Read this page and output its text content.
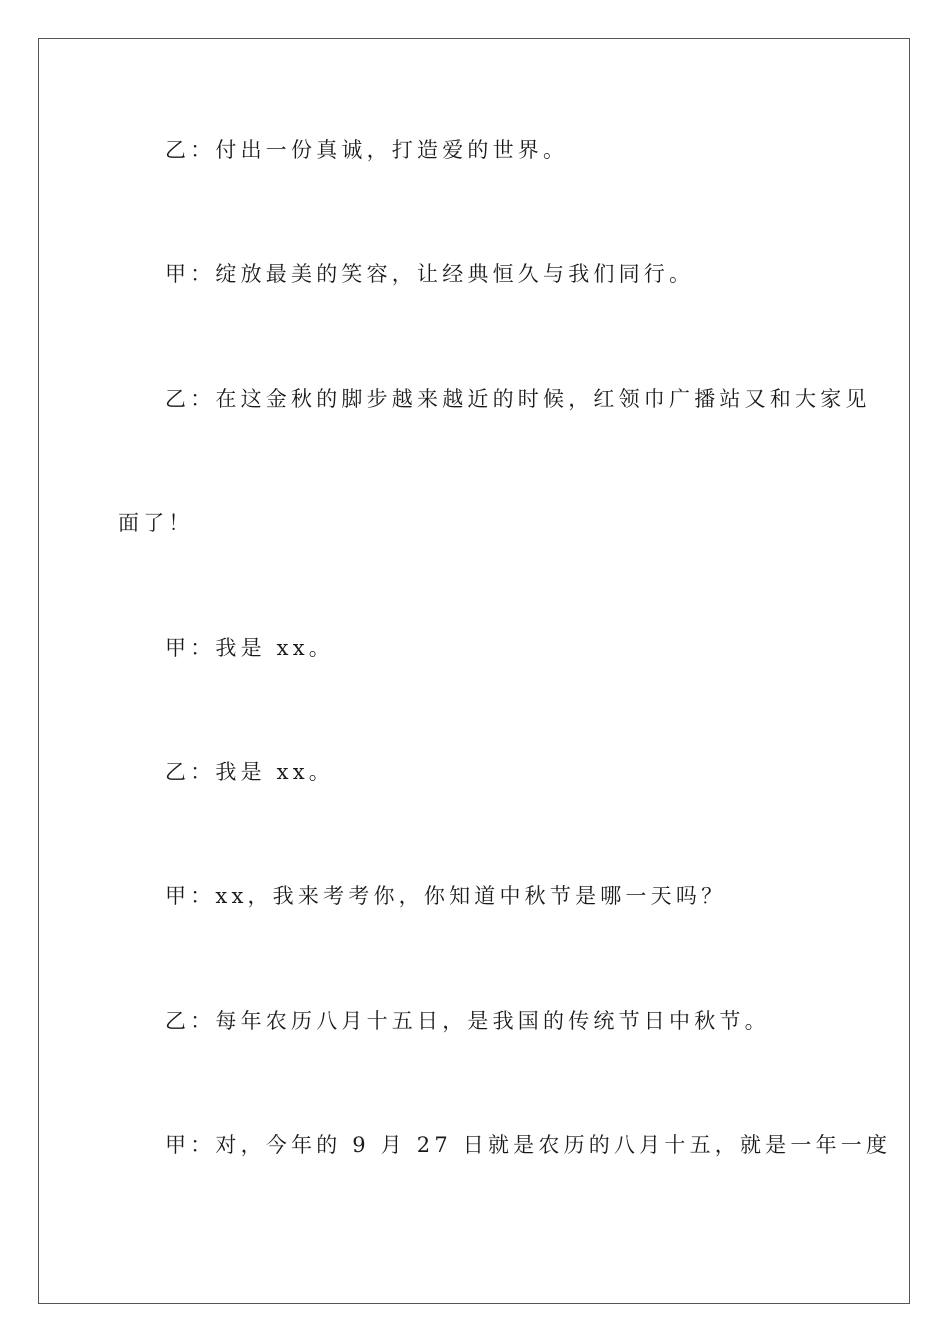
乙：付出一份真诚，打造爱的世界。
甲：绽放最美的笑容，让经典恒久与我们同行。
乙：在这金秋的脚步越来越近的时候，红领巾广播站又和大家见
面了！
甲：我是 xx。
乙：我是 xx。
甲：xx，我来考考你，你知道中秋节是哪一天吗？
乙：每年农历八月十五日，是我国的传统节日中秋节。
甲：对，今年的 9 月 27 日就是农历的八月十五，就是一年一度
